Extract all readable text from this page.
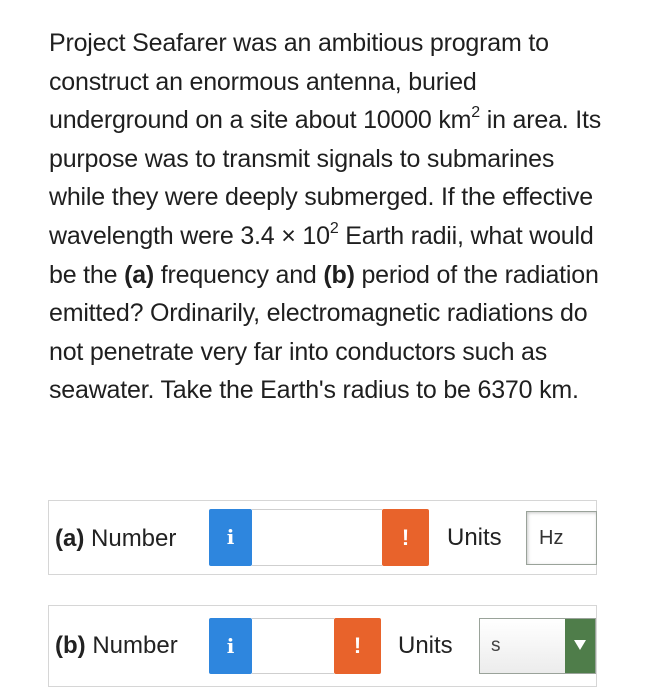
Project Seafarer was an ambitious program to construct an enormous antenna, buried underground on a site about 10000 $km^2$ in area. Its purpose was to transmit signals to submarines while they were deeply submerged. If the effective wavelength were $3.4 \times 10^2$ Earth radii, what would be the (a) frequency and (b) period of the radiation emitted? Ordinarily, electromagnetic radiations do not penetrate very far into conductors such as seawater. Take the Earth's radius to be 6370 km.
(a) Number	i	!	Units	Hz
(b) Number	i	!	Units s
